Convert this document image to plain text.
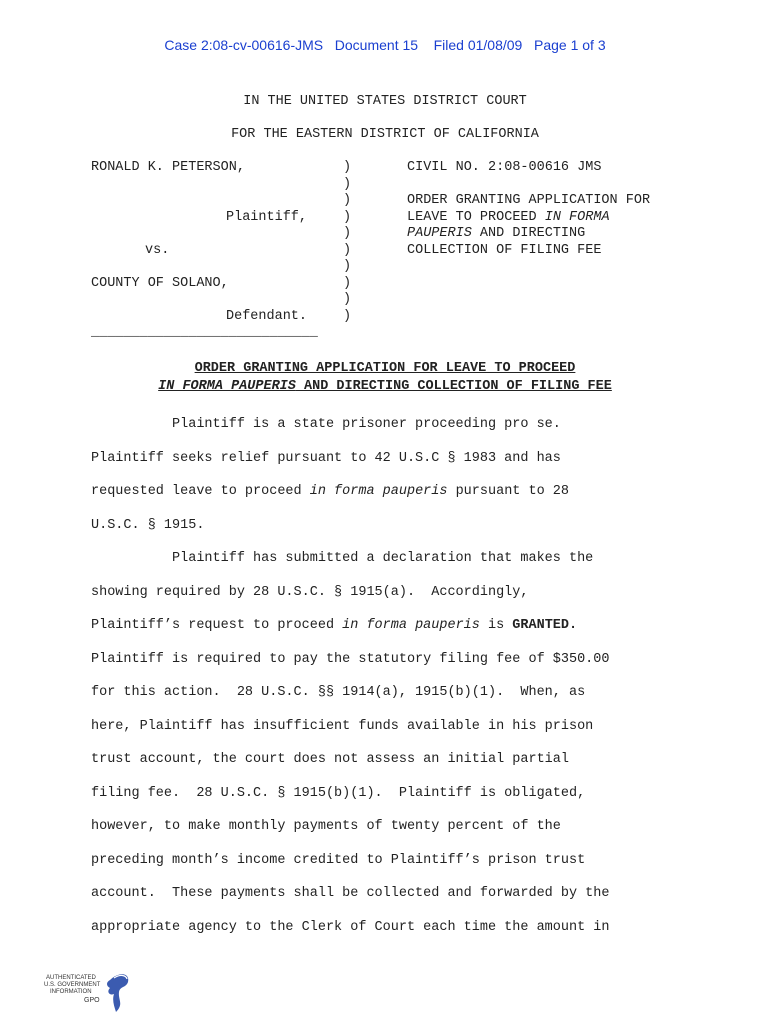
Case 2:08-cv-00616-JMS   Document 15    Filed 01/08/09   Page 1 of 3
IN THE UNITED STATES DISTRICT COURT
FOR THE EASTERN DISTRICT OF CALIFORNIA
RONALD K. PETERSON,

Plaintiff,

vs.

COUNTY OF SOLANO,

Defendant.
____________________________
)
)
)
)
)
)
)
)
)
)
CIVIL NO. 2:08-00616 JMS

ORDER GRANTING APPLICATION FOR
LEAVE TO PROCEED IN FORMA
PAUPERIS AND DIRECTING
COLLECTION OF FILING FEE
ORDER GRANTING APPLICATION FOR LEAVE TO PROCEED
IN FORMA PAUPERIS AND DIRECTING COLLECTION OF FILING FEE
Plaintiff is a state prisoner proceeding pro se.
Plaintiff seeks relief pursuant to 42 U.S.C § 1983 and has
requested leave to proceed in forma pauperis pursuant to 28
U.S.C. § 1915.
Plaintiff has submitted a declaration that makes the
showing required by 28 U.S.C. § 1915(a).  Accordingly,
Plaintiff’s request to proceed in forma pauperis is GRANTED.
Plaintiff is required to pay the statutory filing fee of $350.00
for this action.  28 U.S.C. §§ 1914(a), 1915(b)(1).  When, as
here, Plaintiff has insufficient funds available in his prison
trust account, the court does not assess an initial partial
filing fee.  28 U.S.C. § 1915(b)(1).  Plaintiff is obligated,
however, to make monthly payments of twenty percent of the
preceding month’s income credited to Plaintiff’s prison trust
account.  These payments shall be collected and forwarded by the
appropriate agency to the Clerk of Court each time the amount in
AUTHENTICATED
U.S. GOVERNMENT
INFORMATION
GPO
